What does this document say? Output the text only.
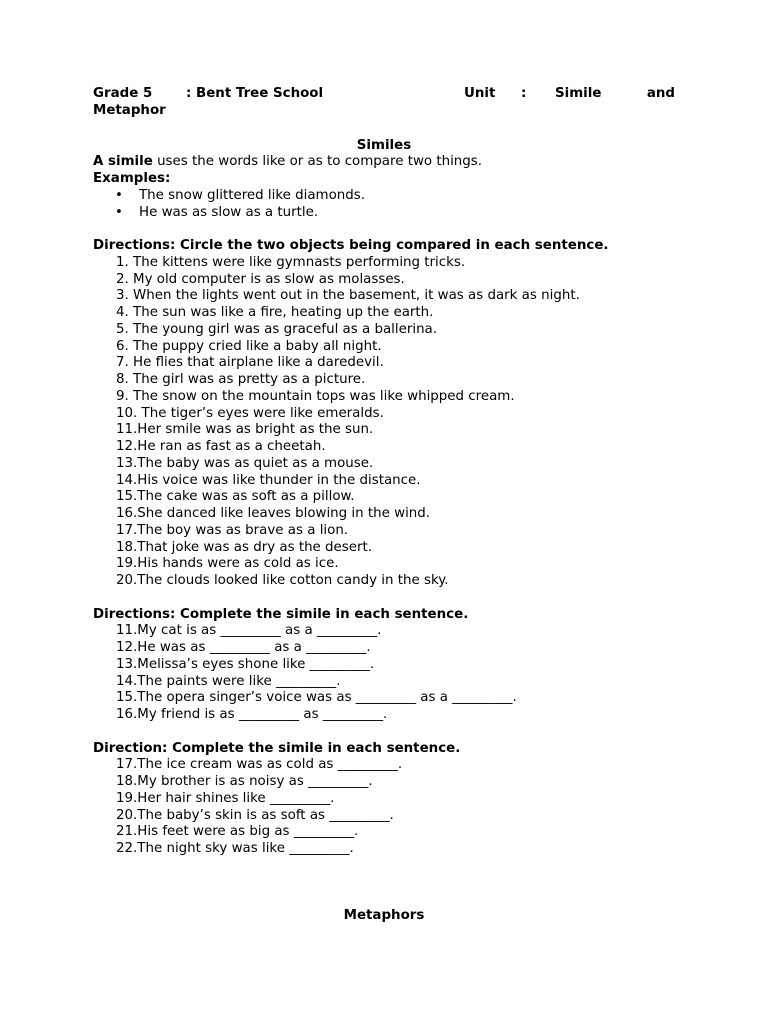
Grade 5	: Bent Tree School	Unit	:	Simile	and
Metaphor
Similes
A simile uses the words like or as to compare two things.
Examples:
• The snow glittered like diamonds.
• He was as slow as a turtle.
Directions: Circle the two objects being compared in each sentence.
1. The kittens were like gymnasts performing tricks.
2. My old computer is as slow as molasses.
3. When the lights went out in the basement, it was as dark as night.
4. The sun was like a fire, heating up the earth.
5. The young girl was as graceful as a ballerina.
6. The puppy cried like a baby all night.
7. He flies that airplane like a daredevil.
8. The girl was as pretty as a picture.
9. The snow on the mountain tops was like whipped cream.
10. The tiger’s eyes were like emeralds.
11.Her smile was as bright as the sun.
12.He ran as fast as a cheetah.
13.The baby was as quiet as a mouse.
14.His voice was like thunder in the distance.
15.The cake was as soft as a pillow.
16.She danced like leaves blowing in the wind.
17.The boy was as brave as a lion.
18.That joke was as dry as the desert.
19.His hands were as cold as ice.
20.The clouds looked like cotton candy in the sky.
Directions: Complete the simile in each sentence.
11.My cat is as _________ as a _________.
12.He was as _________ as a _________.
13.Melissa’s eyes shone like _________.
14.The paints were like _________.
15.The opera singer’s voice was as _________ as a _________.
16.My friend is as _________ as _________.
Direction: Complete the simile in each sentence.
17.The ice cream was as cold as _________.
18.My brother is as noisy as _________.
19.Her hair shines like _________.
20.The baby’s skin is as soft as _________.
21.His feet were as big as _________.
22.The night sky was like _________.
Metaphors
